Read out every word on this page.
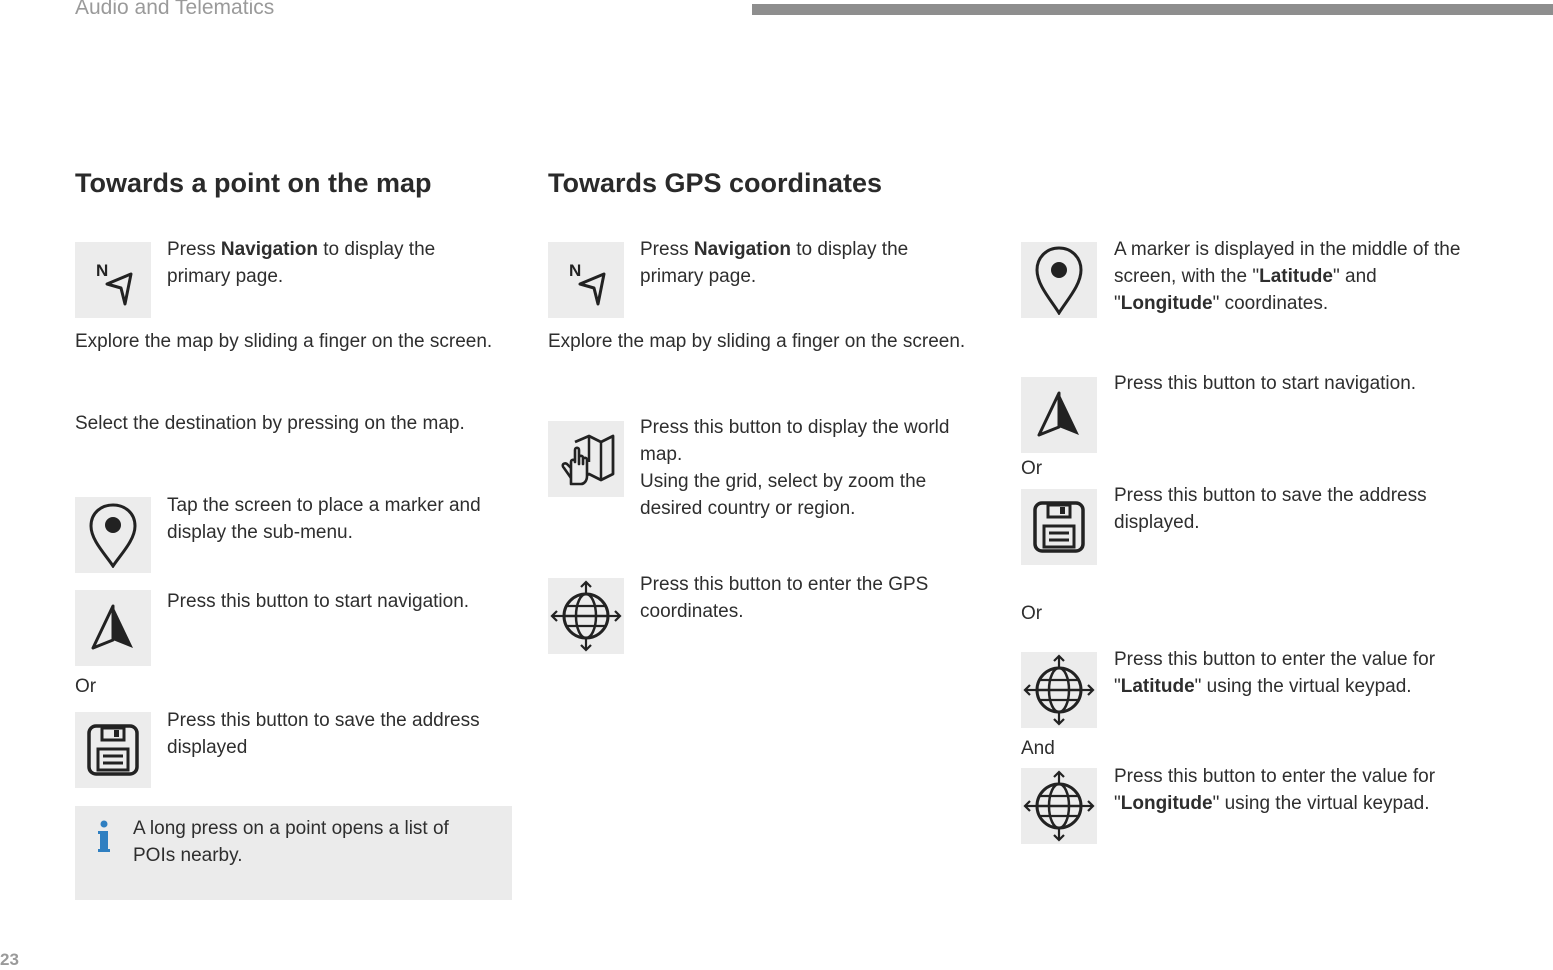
Audio and Telematics
23
Towards a point on the map
N
Press Navigation to display the primary page.
Explore the map by sliding a finger on the screen.
Select the destination by pressing on the map.
Tap the screen to place a marker and display the sub-menu.
Press this button to start navigation.
Or
Press this button to save the address displayed
A long press on a point opens a list of POIs nearby.
Towards GPS coordinates
N
Press Navigation to display the primary page.
Explore the map by sliding a finger on the screen.
Press this button to display the world map.
Using the grid, select by zoom the desired country or region.
Press this button to enter the GPS coordinates.
A marker is displayed in the middle of the screen, with the "Latitude" and "Longitude" coordinates.
Press this button to start navigation.
Or
Press this button to save the address displayed.
Or
Press this button to enter the value for "Latitude" using the virtual keypad.
And
Press this button to enter the value for "Longitude" using the virtual keypad.
